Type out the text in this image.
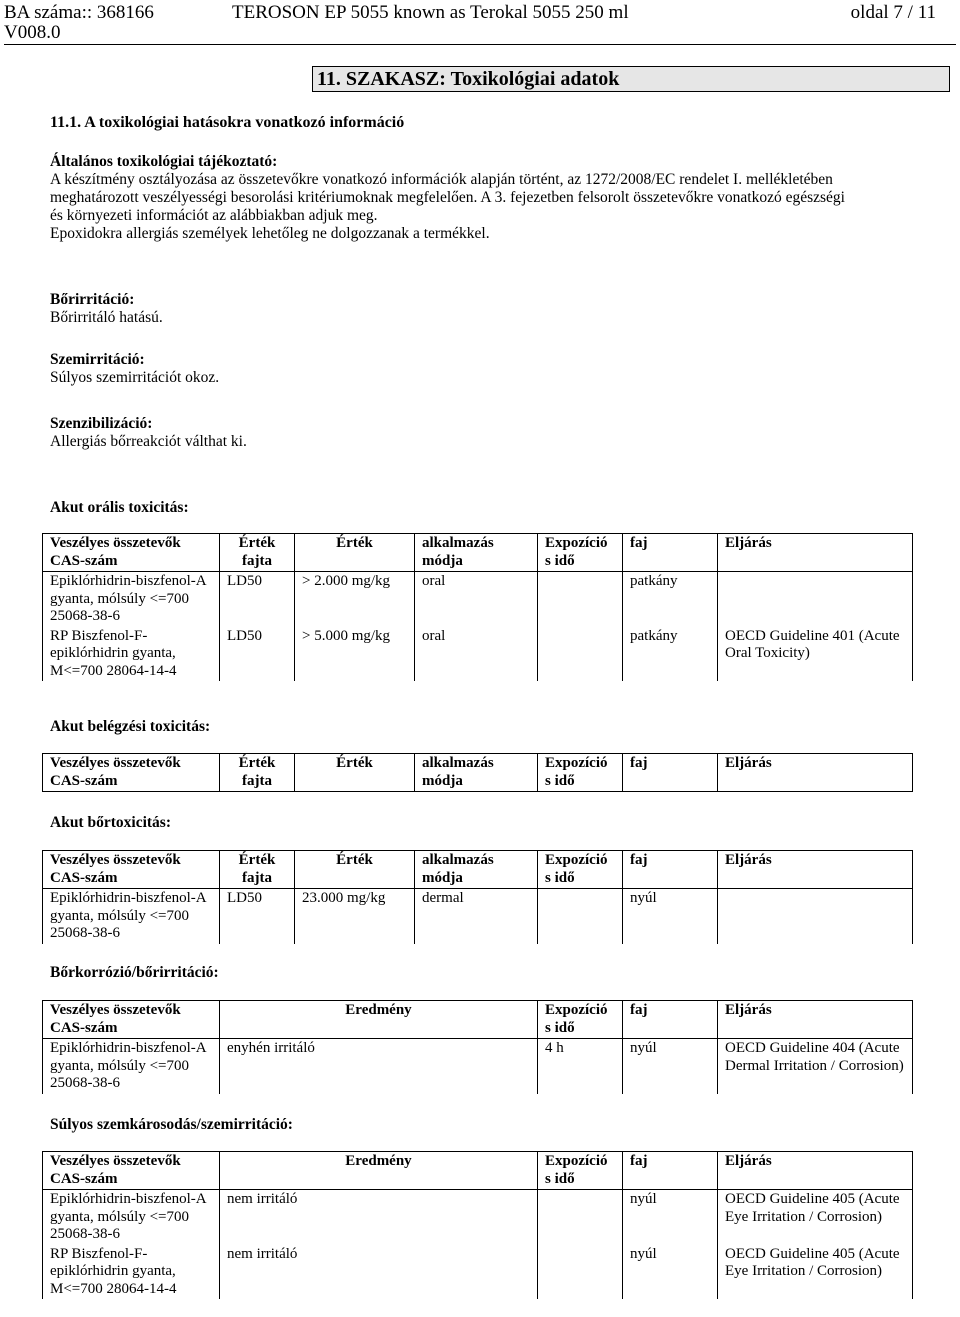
BA száma:: 368166
V008.0
TEROSON EP 5055 known as Terokal 5055 250 ml	oldal 7 / 11
11. SZAKASZ: Toxikológiai adatok
11.1. A toxikológiai hatásokra vonatkozó információ
Általános toxikológiai tájékoztató:
A készítmény osztályozása az összetevőkre vonatkozó információk alapján történt, az 1272/2008/EC rendelet I. mellékletében
meghatározott veszélyességi besorolási kritériumoknak megfelelően. A 3. fejezetben felsorolt összetevőkre vonatkozó egészségi
és környezeti információt az alábbiakban adjuk meg.
Epoxidokra allergiás személyek lehetőleg ne dolgozzanak a termékkel.
Bőrirritáció:
Bőrirritáló hatású.
Szemirritáció:
Súlyos szemirritációt okoz.
Szenzibilizáció:
Allergiás bőrreakciót válthat ki.
Akut orális toxicitás:
Veszélyes összetevők CAS-szám	Érték fajta	Érték	alkalmazás módja	Expozíció s idő	faj	Eljárás
Epiklórhidrin-biszfenol-A gyanta, mólsúly <=700 25068-38-6	LD50	> 2.000 mg/kg	oral		patkány	
RP Biszfenol-F-epiklórhidrin gyanta, M<=700 28064-14-4	LD50	> 5.000 mg/kg	oral		patkány	OECD Guideline 401 (Acute Oral Toxicity)
Akut belégzési toxicitás:
Veszélyes összetevők CAS-szám	Érték fajta	Érték	alkalmazás módja	Expozíció s idő	faj	Eljárás
Akut bőrtoxicitás:
Veszélyes összetevők CAS-szám	Érték fajta	Érték	alkalmazás módja	Expozíció s idő	faj	Eljárás
Epiklórhidrin-biszfenol-A gyanta, mólsúly <=700 25068-38-6	LD50	23.000 mg/kg	dermal		nyúl	
Bőrkorrózió/bőrirritáció:
Veszélyes összetevők CAS-szám	Eredmény	Expozíció s idő	faj	Eljárás
Epiklórhidrin-biszfenol-A gyanta, mólsúly <=700 25068-38-6	enyhén irritáló	4 h	nyúl	OECD Guideline 404 (Acute Dermal Irritation / Corrosion)
Súlyos szemkárosodás/szemirritáció:
Veszélyes összetevők CAS-szám	Eredmény	Expozíció s idő	faj	Eljárás
Epiklórhidrin-biszfenol-A gyanta, mólsúly <=700 25068-38-6	nem irritáló		nyúl	OECD Guideline 405 (Acute Eye Irritation / Corrosion)
RP Biszfenol-F-epiklórhidrin gyanta, M<=700 28064-14-4	nem irritáló		nyúl	OECD Guideline 405 (Acute Eye Irritation / Corrosion)
